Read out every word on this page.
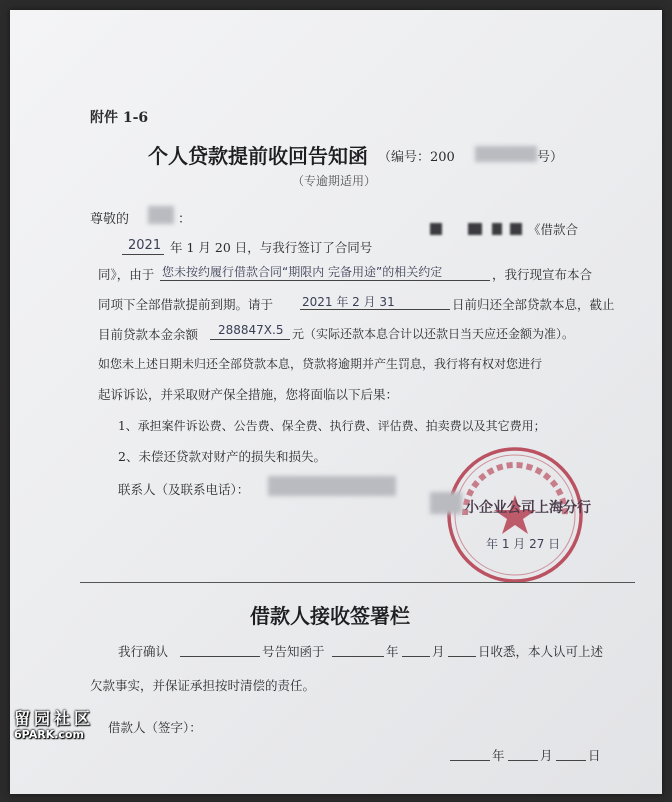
附件 1-6
个人贷款提前收回告知函 （编号：200	号）
（专逾期适用）
尊敬的	：
2021 年 1 月 20 日，与我行签订了合同号
《借款合
同》，由于 您未按约履行借款合同“期限内 完备用途”的相关约定	，我行现宣布本合
同项下全部借款提前到期。请于 2021 年 2 月 31	日前归还全部贷款本息，截止
目前贷款本金余额 288847X.5 元（实际还款本息合计以还款日当天应还金额为准）。
如您未上述日期未归还全部贷款本息，贷款将逾期并产生罚息，我行将有权对您进行
起诉诉讼，并采取财产保全措施，您将面临以下后果：
1、承担案件诉讼费、公告费、保全费、执行费、评估费、拍卖费以及其它费用；
2、未偿还贷款对财产的损失和损失。
联系人（及联系电话）：
小企业公司上海分行
年 1 月 27 日
借款人接收签署栏
我行确认	号告知函于	年	月	日收悉，本人认可上述
欠款事实，并保证承担按时清偿的责任。
借款人（签字）：
年	月	日
留园社区
6PARK.com
